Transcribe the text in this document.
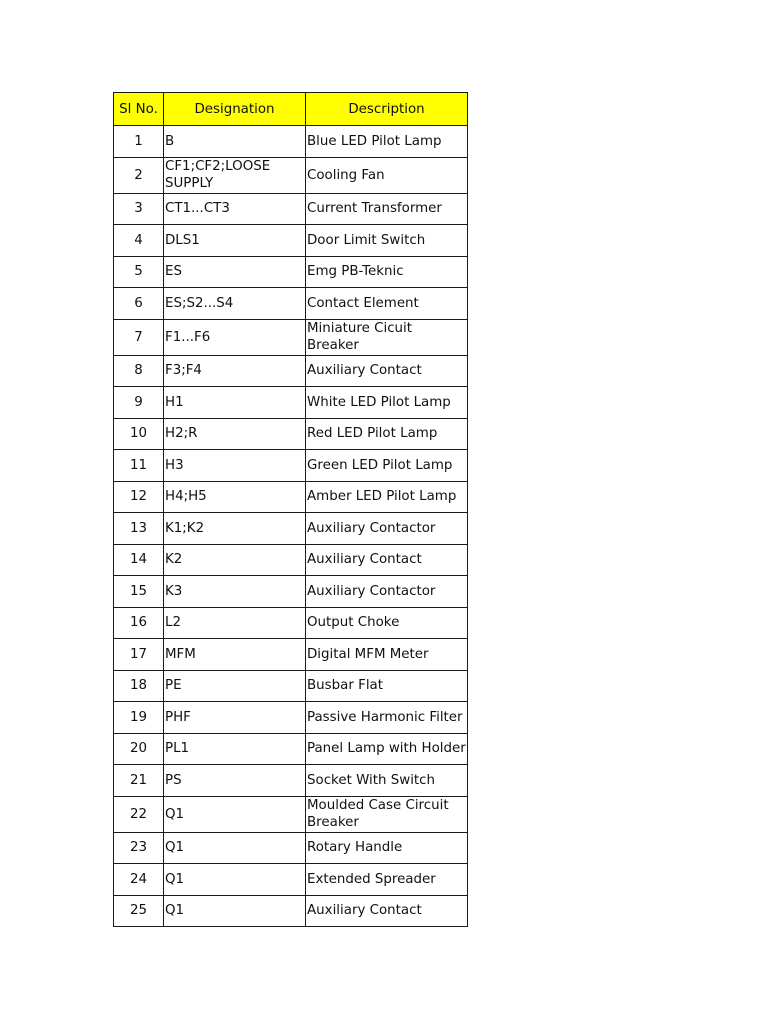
Sl No.	Designation	Description
1	B	Blue LED Pilot Lamp
2	CF1;CF2;LOOSE SUPPLY	Cooling Fan
3	CT1...CT3	Current Transformer
4	DLS1	Door Limit Switch
5	ES	Emg PB-Teknic
6	ES;S2...S4	Contact Element
7	F1...F6	Miniature Cicuit Breaker
8	F3;F4	Auxiliary Contact
9	H1	White LED Pilot Lamp
10	H2;R	Red LED Pilot Lamp
11	H3	Green LED Pilot Lamp
12	H4;H5	Amber LED Pilot Lamp
13	K1;K2	Auxiliary Contactor
14	K2	Auxiliary Contact
15	K3	Auxiliary Contactor
16	L2	Output Choke
17	MFM	Digital MFM Meter
18	PE	Busbar Flat
19	PHF	Passive Harmonic Filter
20	PL1	Panel Lamp with Holder
21	PS	Socket With Switch
22	Q1	Moulded Case Circuit Breaker
23	Q1	Rotary Handle
24	Q1	Extended Spreader
25	Q1	Auxiliary Contact
